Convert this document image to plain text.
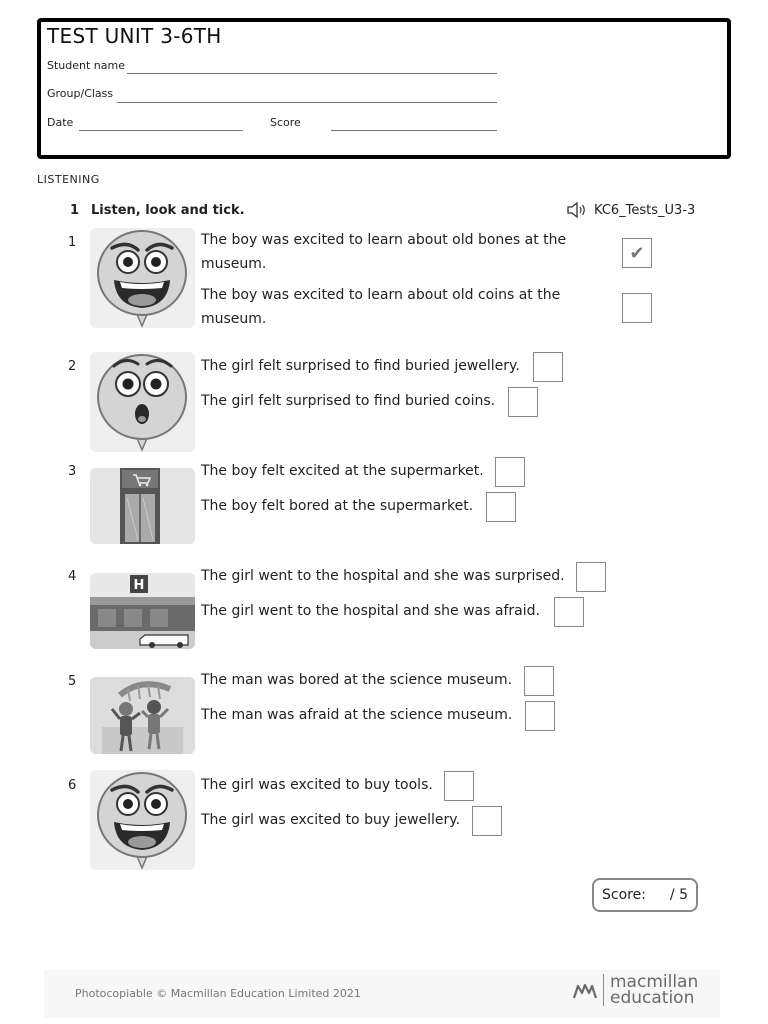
TEST UNIT 3-6TH
Student name
Group/Class
Date	Score
LISTENING
1 Listen, look and tick.	KC6_Tests_U3-3
1	The boy was excited to learn about old bones at the museum.
✔
The boy was excited to learn about old coins at the museum.
2	The girl felt surprised to find buried jewellery.
The girl felt surprised to find buried coins.
3	The boy felt excited at the supermarket.
The boy felt bored at the supermarket.
4
H
The girl went to the hospital and she was surprised.
The girl went to the hospital and she was afraid.
5	The man was bored at the science museum.
The man was afraid at the science museum.
6	The girl was excited to buy tools.
The girl was excited to buy jewellery.
Score: / 5
Photocopiable © Macmillan Education Limited 2021
macmillan
education
